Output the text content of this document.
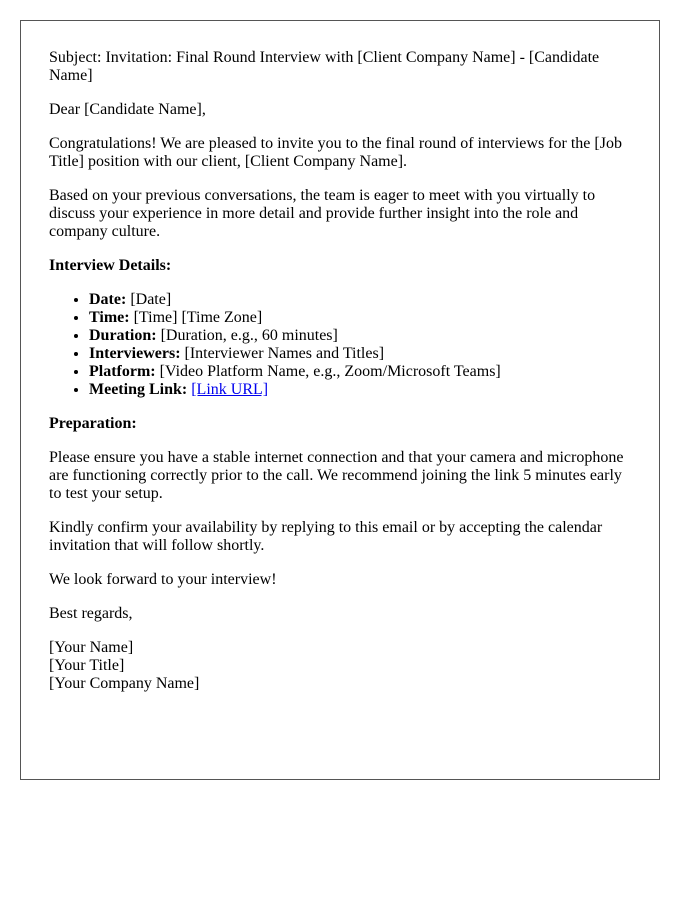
Subject: Invitation: Final Round Interview with [Client Company Name] - [Candidate Name]

Dear [Candidate Name],

Congratulations! We are pleased to invite you to the final round of interviews for the [Job Title] position with our client, [Client Company Name].

Based on your previous conversations, the team is eager to meet with you virtually to discuss your experience in more detail and provide further insight into the role and company culture.

Interview Details:

• Date: [Date]
• Time: [Time] [Time Zone]
• Duration: [Duration, e.g., 60 minutes]
• Interviewers: [Interviewer Names and Titles]
• Platform: [Video Platform Name, e.g., Zoom/Microsoft Teams]
• Meeting Link: [Link URL]

Preparation:

Please ensure you have a stable internet connection and that your camera and microphone are functioning correctly prior to the call. We recommend joining the link 5 minutes early to test your setup.

Kindly confirm your availability by replying to this email or by accepting the calendar invitation that will follow shortly.

We look forward to your interview!

Best regards,

[Your Name]
[Your Title]
[Your Company Name]
